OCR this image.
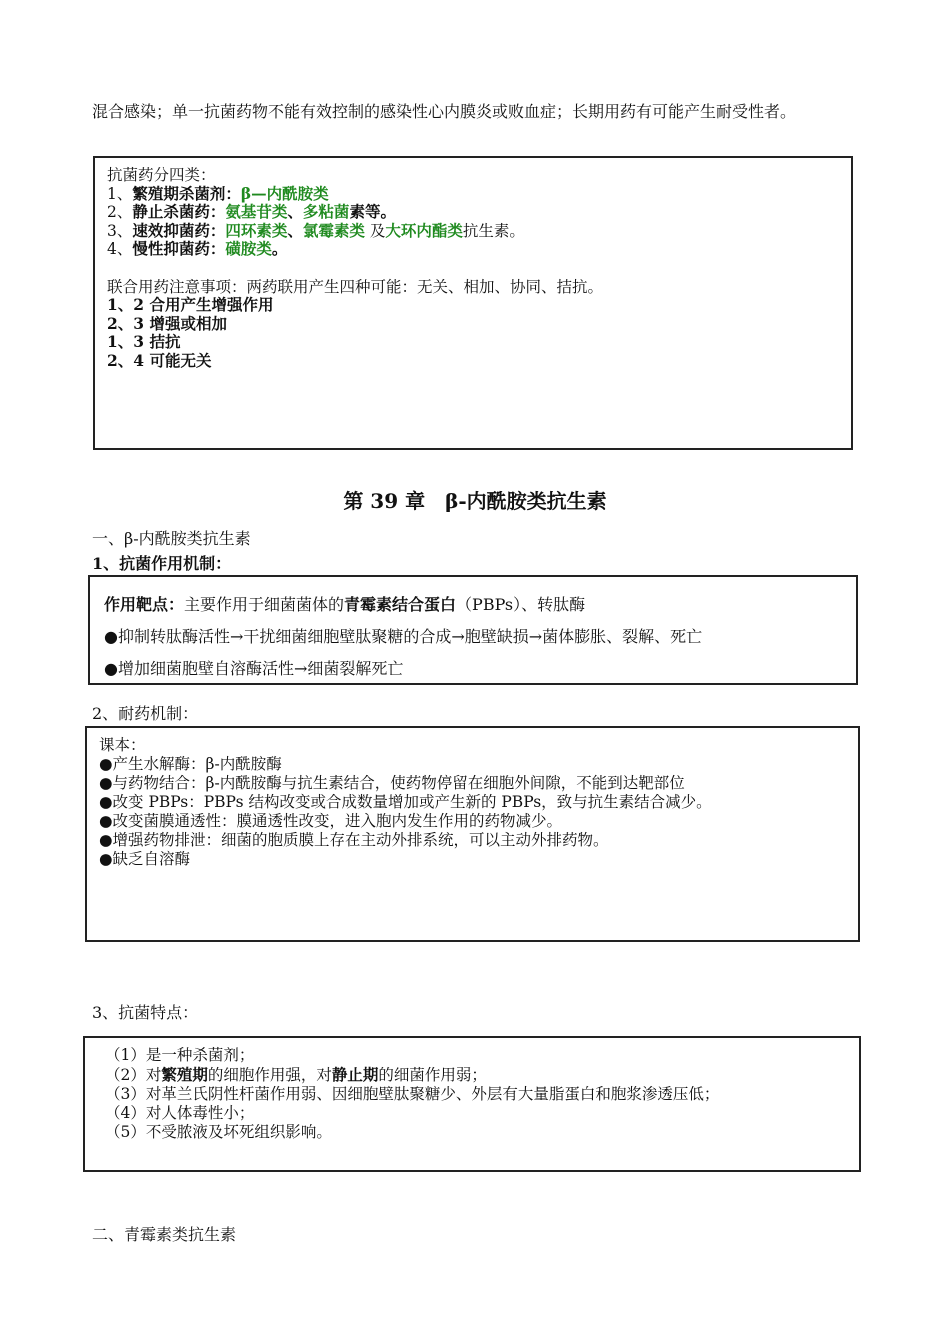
混合感染；单一抗菌药物不能有效控制的感染性心内膜炎或败血症；长期用药有可能产生耐受性者。
抗菌药分四类：
1、繁殖期杀菌剂：β—内酰胺类
2、静止杀菌药：氨基苷类、多粘菌素等。
3、速效抑菌药：四环素类、氯霉素类 及大环内酯类抗生素。
4、慢性抑菌药：磺胺类。
联合用药注意事项：两药联用产生四种可能：无关、相加、协同、拮抗。
1、2 合用产生增强作用
2、3 增强或相加
1、3 拮抗
2、4 可能无关
第 39 章　β-内酰胺类抗生素
一、β-内酰胺类抗生素
1、抗菌作用机制：
作用靶点：主要作用于细菌菌体的青霉素结合蛋白（PBPs）、转肽酶
●抑制转肽酶活性→干扰细菌细胞壁肽聚糖的合成→胞壁缺损→菌体膨胀、裂解、死亡
●增加细菌胞壁自溶酶活性→细菌裂解死亡
2、耐药机制：
课本：
●产生水解酶：β-内酰胺酶
●与药物结合：β-内酰胺酶与抗生素结合，使药物停留在细胞外间隙，不能到达靶部位
●改变 PBPs：PBPs 结构改变或合成数量增加或产生新的 PBPs，致与抗生素结合减少。
●改变菌膜通透性：膜通透性改变，进入胞内发生作用的药物减少。
●增强药物排泄：细菌的胞质膜上存在主动外排系统，可以主动外排药物。
●缺乏自溶酶
3、抗菌特点：
（1）是一种杀菌剂；
（2）对繁殖期的细胞作用强，对静止期的细菌作用弱；
（3）对革兰氏阴性杆菌作用弱、因细胞壁肽聚糖少、外层有大量脂蛋白和胞浆渗透压低；
（4）对人体毒性小；
（5）不受脓液及坏死组织影响。
二、青霉素类抗生素
